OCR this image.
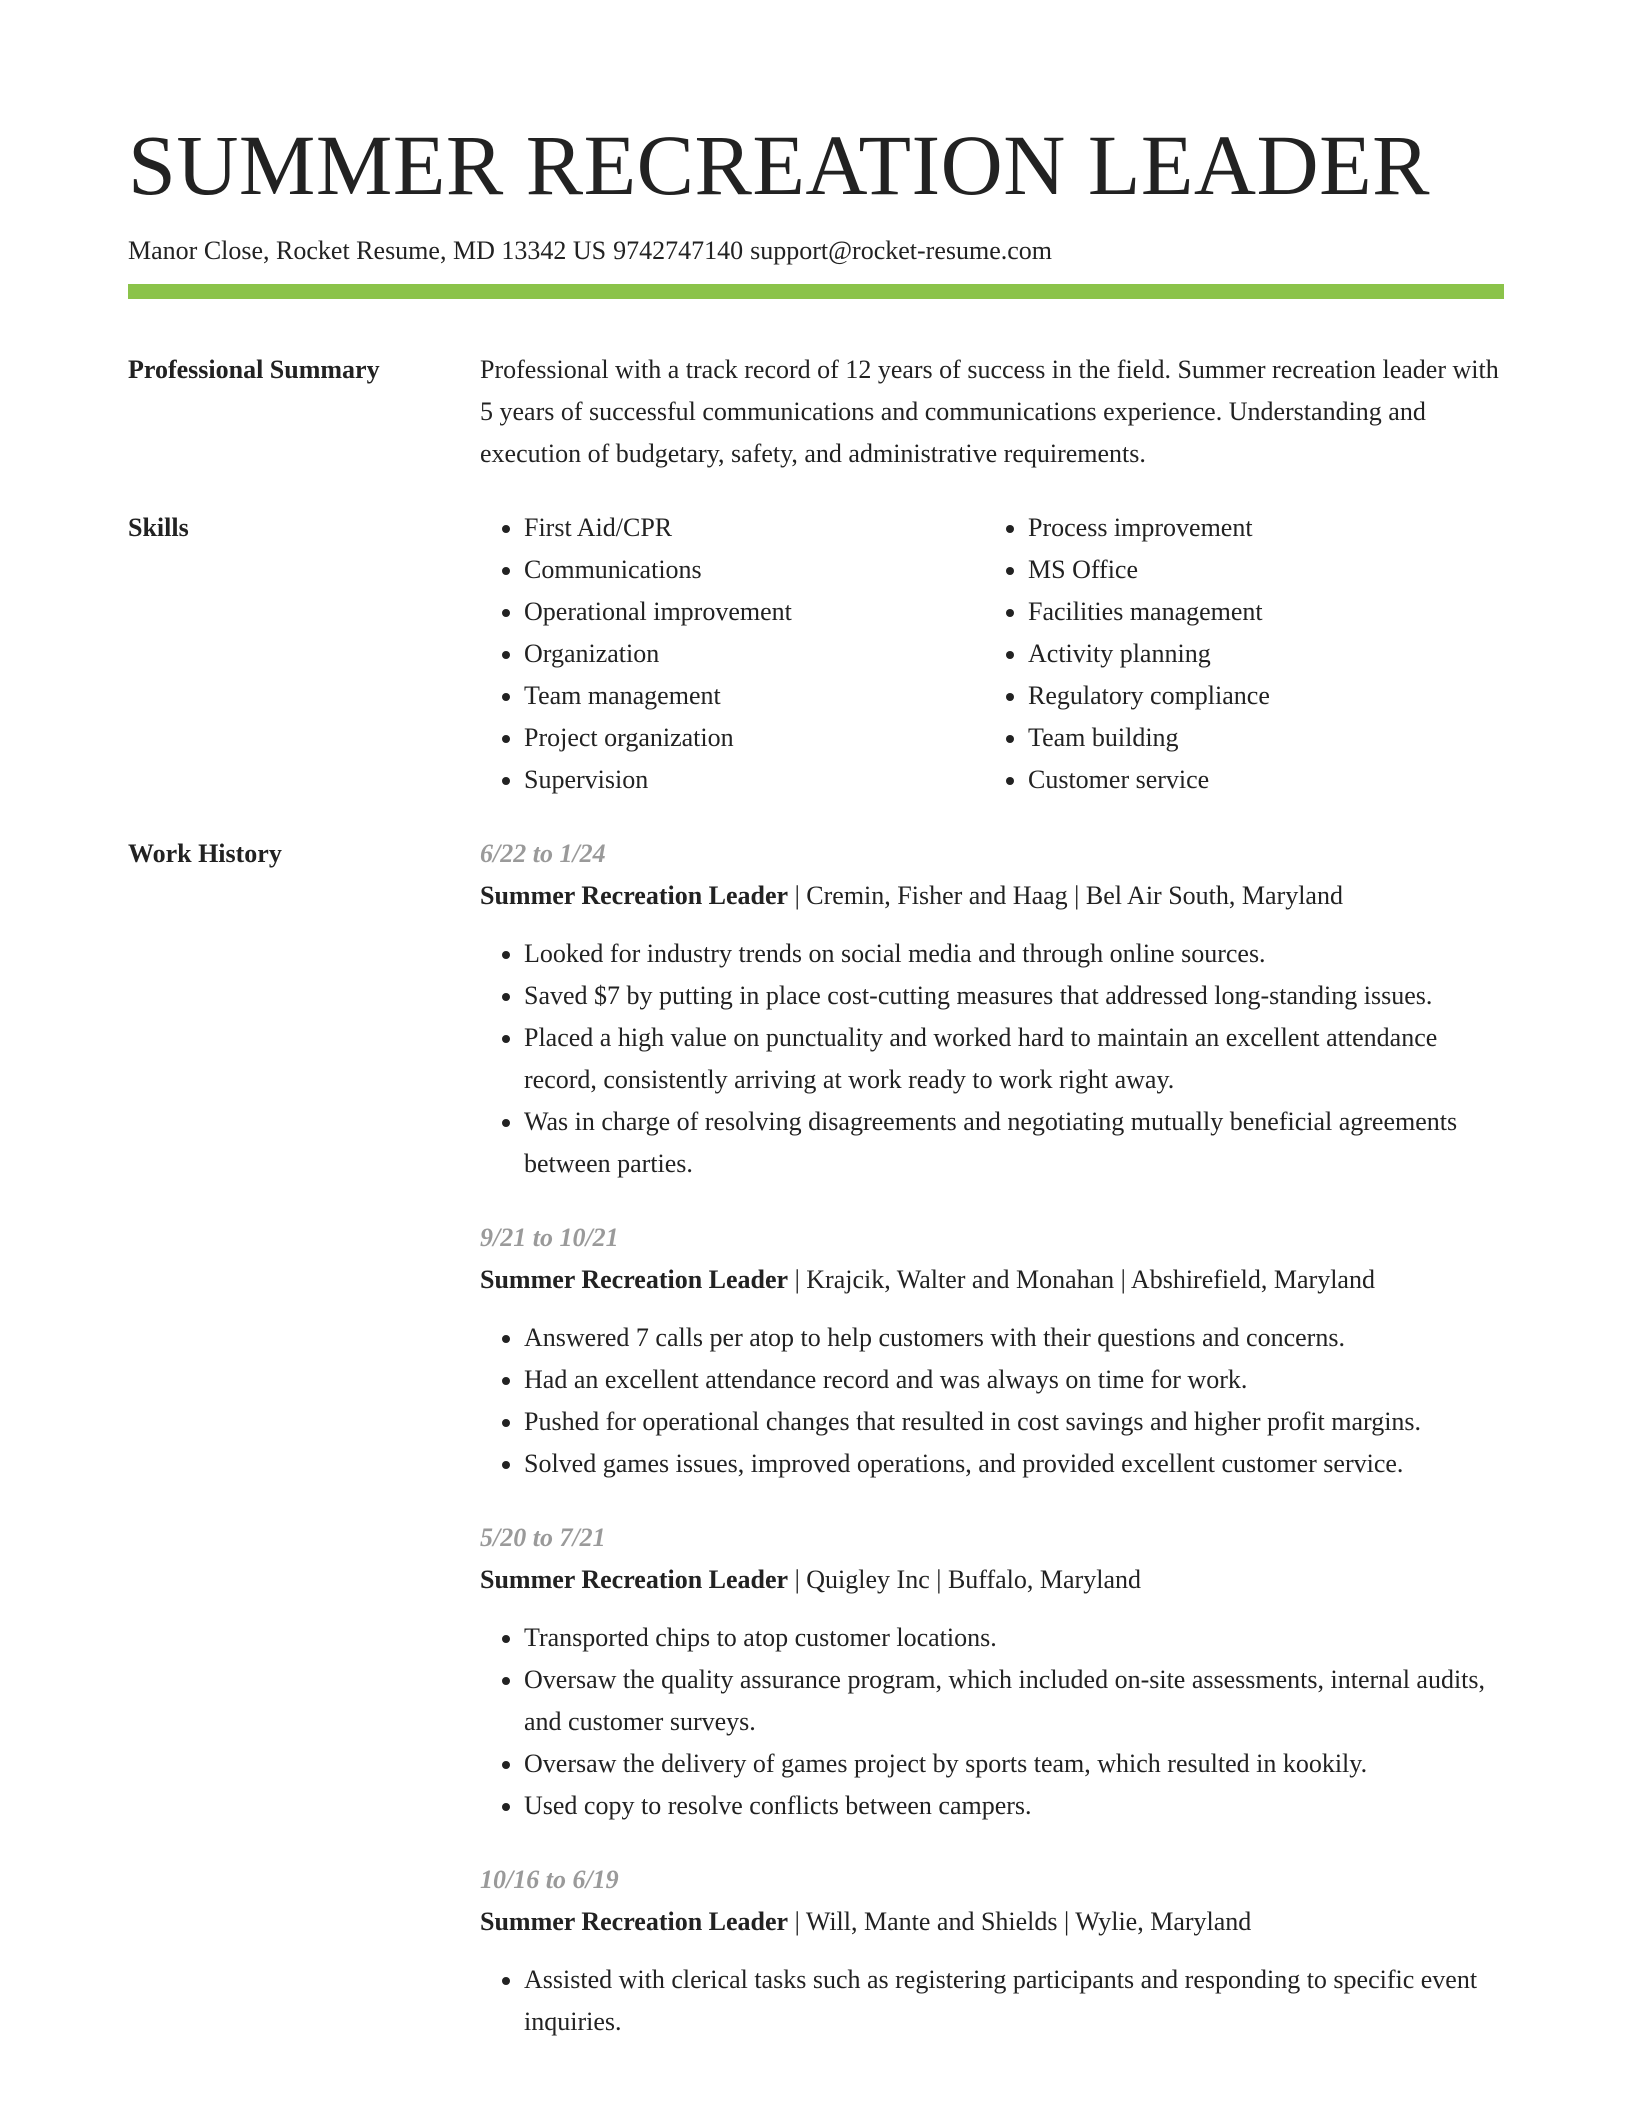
SUMMER RECREATION LEADER
Manor Close, Rocket Resume, MD 13342 US 9742747140 support@rocket-resume.com
Professional Summary	Professional with a track record of 12 years of success in the field. Summer recreation leader with 5 years of successful communications and communications experience. Understanding and execution of budgetary, safety, and administrative requirements.
Skills
•	First Aid/CPR
• Communications
• Operational improvement
• Organization
• Team management
• Project organization
• Supervision
• Process improvement
• MS Office
• Facilities management
• Activity planning
• Regulatory compliance
• Team building
• Customer service
Work History	6/22 to 1/24
Summer Recreation Leader | Cremin, Fisher and Haag | Bel Air South, Maryland
• Looked for industry trends on social media and through online sources.
• Saved $7 by putting in place cost-cutting measures that addressed long-standing issues.
• Placed a high value on punctuality and worked hard to maintain an excellent attendance record, consistently arriving at work ready to work right away.
• Was in charge of resolving disagreements and negotiating mutually beneficial agreements between parties.
9/21 to 10/21
Summer Recreation Leader | Krajcik, Walter and Monahan | Abshirefield, Maryland
• Answered 7 calls per atop to help customers with their questions and concerns.
• Had an excellent attendance record and was always on time for work.
• Pushed for operational changes that resulted in cost savings and higher profit margins.
• Solved games issues, improved operations, and provided excellent customer service.
5/20 to 7/21
Summer Recreation Leader | Quigley Inc | Buffalo, Maryland
• Transported chips to atop customer locations.
• Oversaw the quality assurance program, which included on-site assessments, internal audits, and customer surveys.
• Oversaw the delivery of games project by sports team, which resulted in kookily.
• Used copy to resolve conflicts between campers.
10/16 to 6/19
Summer Recreation Leader | Will, Mante and Shields | Wylie, Maryland
• Assisted with clerical tasks such as registering participants and responding to specific event inquiries.
